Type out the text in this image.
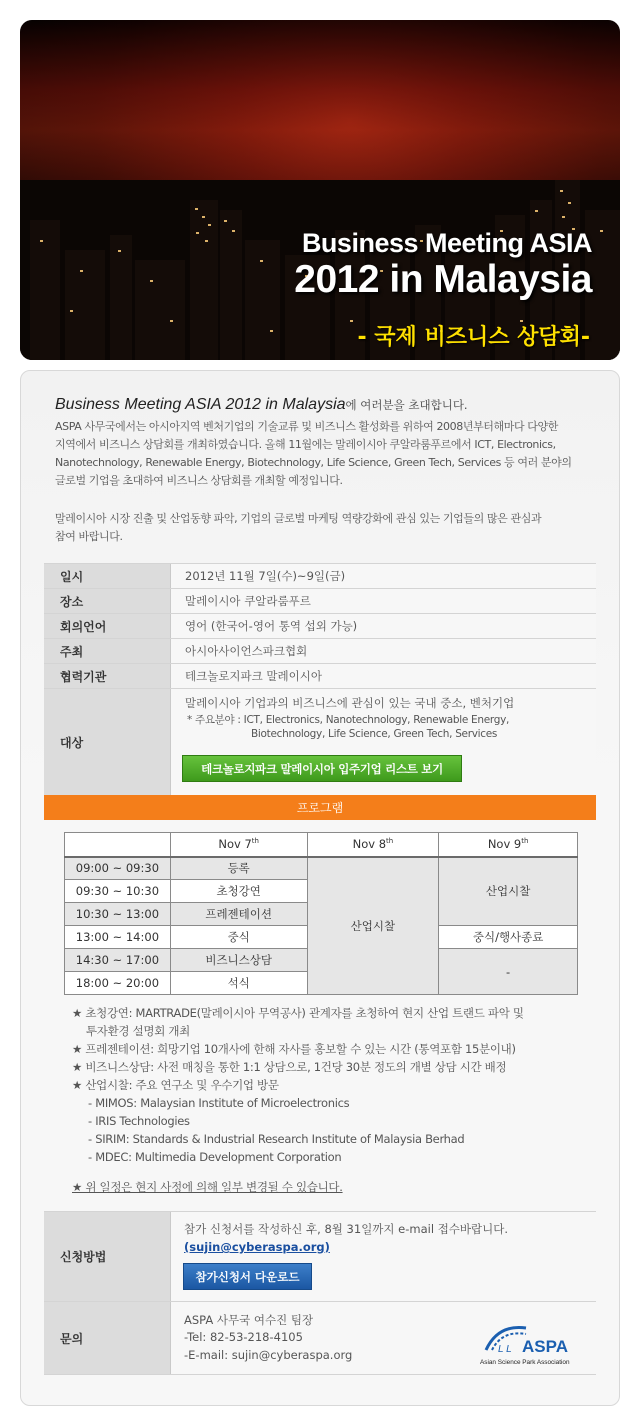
Business Meeting ASIA
2012 in Malaysia
- 국제 비즈니스 상담회-
Business Meeting ASIA 2012 in Malaysia에 여러분을 초대합니다.
ASPA 사무국에서는 아시아지역 벤처기업의 기술교류 및 비즈니스 활성화를 위하여 2008년부터해마다 다양한
지역에서 비즈니스 상담회를 개최하였습니다. 올해 11월에는 말레이시아 쿠알라룸푸르에서 ICT, Electronics,
Nanotechnology, Renewable Energy, Biotechnology, Life Science, Green Tech, Services 등 여러 분야의
글로벌 기업을 초대하여 비즈니스 상담회를 개최할 예정입니다.
말레이시아 시장 진출 및 산업동향 파악, 기업의 글로벌 마케팅 역량강화에 관심 있는 기업들의 많은 관심과
참여 바랍니다.
일시	2012년 11월 7일(수)~9일(금)
장소	말레이시아 쿠알라룸푸르
회의언어	영어 (한국어-영어 통역 섭외 가능)
주최	아시아사이언스파크협회
협력기관	테크놀로지파크 말레이시아
대상
말레이시아 기업과의 비즈니스에 관심이 있는 국내 중소, 벤처기업
* 주요분야 : ICT, Electronics, Nanotechnology, Renewable Energy,
Biotechnology, Life Science, Green Tech, Services
테크놀로지파크 말레이시아 입주기업 리스트 보기
프로그램
	Nov 7th	Nov 8th	Nov 9th
09:00 ~ 09:30	등록	산업시찰	산업시찰
09:30 ~ 10:30	초청강연		
10:30 ~ 13:00	프레젠테이션		
13:00 ~ 14:00	중식		중식/행사종료
14:30 ~ 17:00	비즈니스상담		-
18:00 ~ 20:00	석식		
★ 초청강연: MARTRADE(말레이시아 무역공사) 관계자를 초청하여 현지 산업 트랜드 파악 및
투자환경 설명회 개최
★ 프레젠테이션: 희망기업 10개사에 한해 자사를 홍보할 수 있는 시간 (통역포함 15분이내)
★ 비즈니스상담: 사전 매칭을 통한 1:1 상담으로, 1건당 30분 정도의 개별 상담 시간 배정
★ 산업시찰: 주요 연구소 및 우수기업 방문
- MIMOS: Malaysian Institute of Microelectronics
- IRIS Technologies
- SIRIM: Standards & Industrial Research Institute of Malaysia Berhad
- MDEC: Multimedia Development Corporation
★ 위 일정은 현지 사정에 의해 일부 변경될 수 있습니다.
신청방법
참가 신청서를 작성하신 후, 8월 31일까지 e-mail 접수바랍니다.
(sujin@cyberaspa.org)
참가신청서 다운로드
문의
ASPA 사무국 여수진 팀장
-Tel: 82-53-218-4105
-E-mail: sujin@cyberaspa.org	L L ASPA
Asian Science Park Association
